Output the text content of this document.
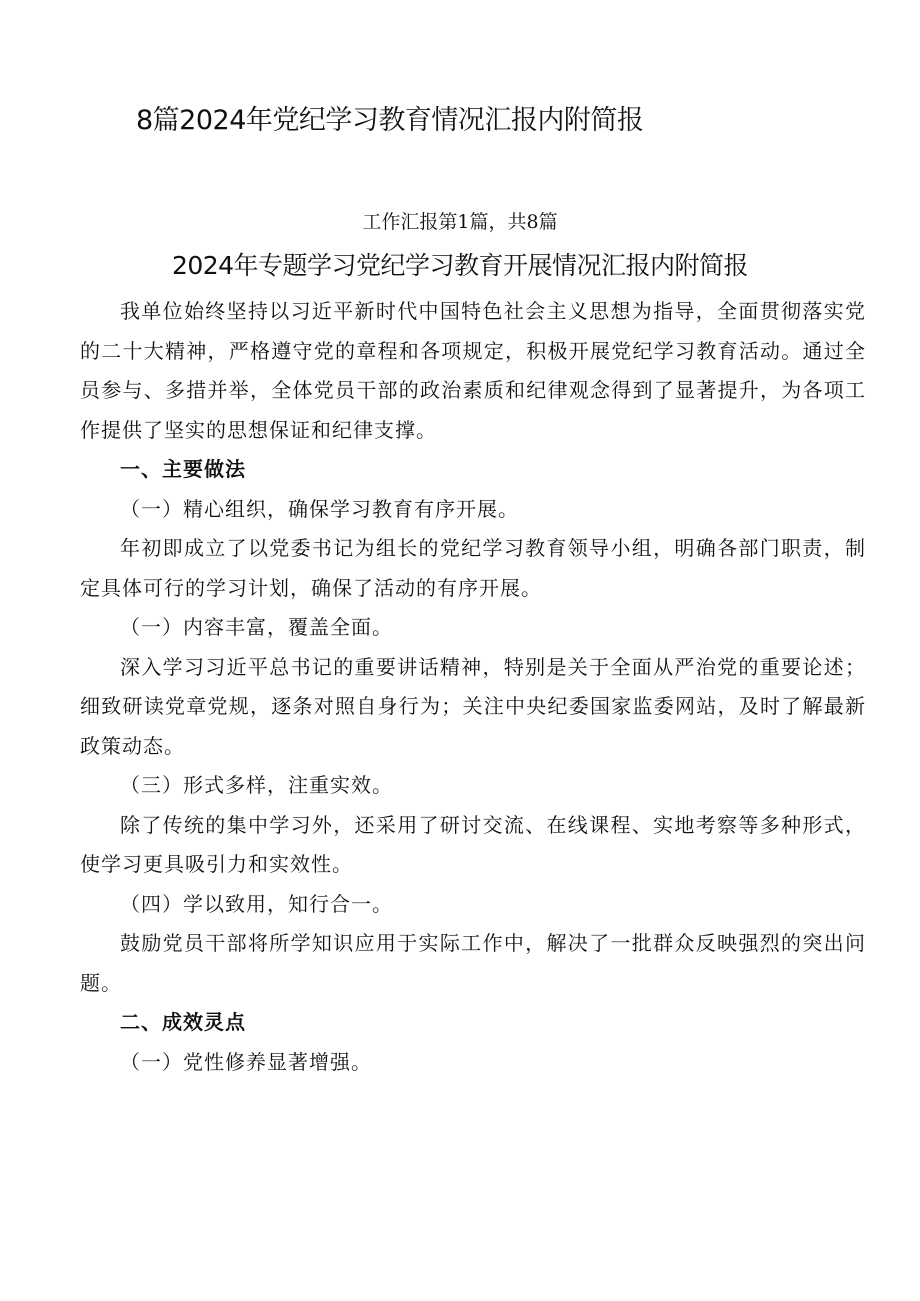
8篇2024年党纪学习教育情况汇报内附简报
工作汇报第1篇，共8篇
2024年专题学习党纪学习教育开展情况汇报内附简报

我单位始终坚持以习近平新时代中国特色社会主义思想为指导，全面贯彻落实党的二十大精神，严格遵守党的章程和各项规定，积极开展党纪学习教育活动。通过全员参与、多措并举，全体党员干部的政治素质和纪律观念得到了显著提升，为各项工作提供了坚实的思想保证和纪律支撑。

一、主要做法

（一）精心组织，确保学习教育有序开展。

年初即成立了以党委书记为组长的党纪学习教育领导小组，明确各部门职责，制定具体可行的学习计划，确保了活动的有序开展。

（一）内容丰富，覆盖全面。

深入学习习近平总书记的重要讲话精神，特别是关于全面从严治党的重要论述；细致研读党章党规，逐条对照自身行为；关注中央纪委国家监委网站，及时了解最新政策动态。

（三）形式多样，注重实效。

除了传统的集中学习外，还采用了研讨交流、在线课程、实地考察等多种形式，使学习更具吸引力和实效性。

（四）学以致用，知行合一。

鼓励党员干部将所学知识应用于实际工作中，解决了一批群众反映强烈的突出问题。

二、成效灵点

（一）党性修养显著增强。
